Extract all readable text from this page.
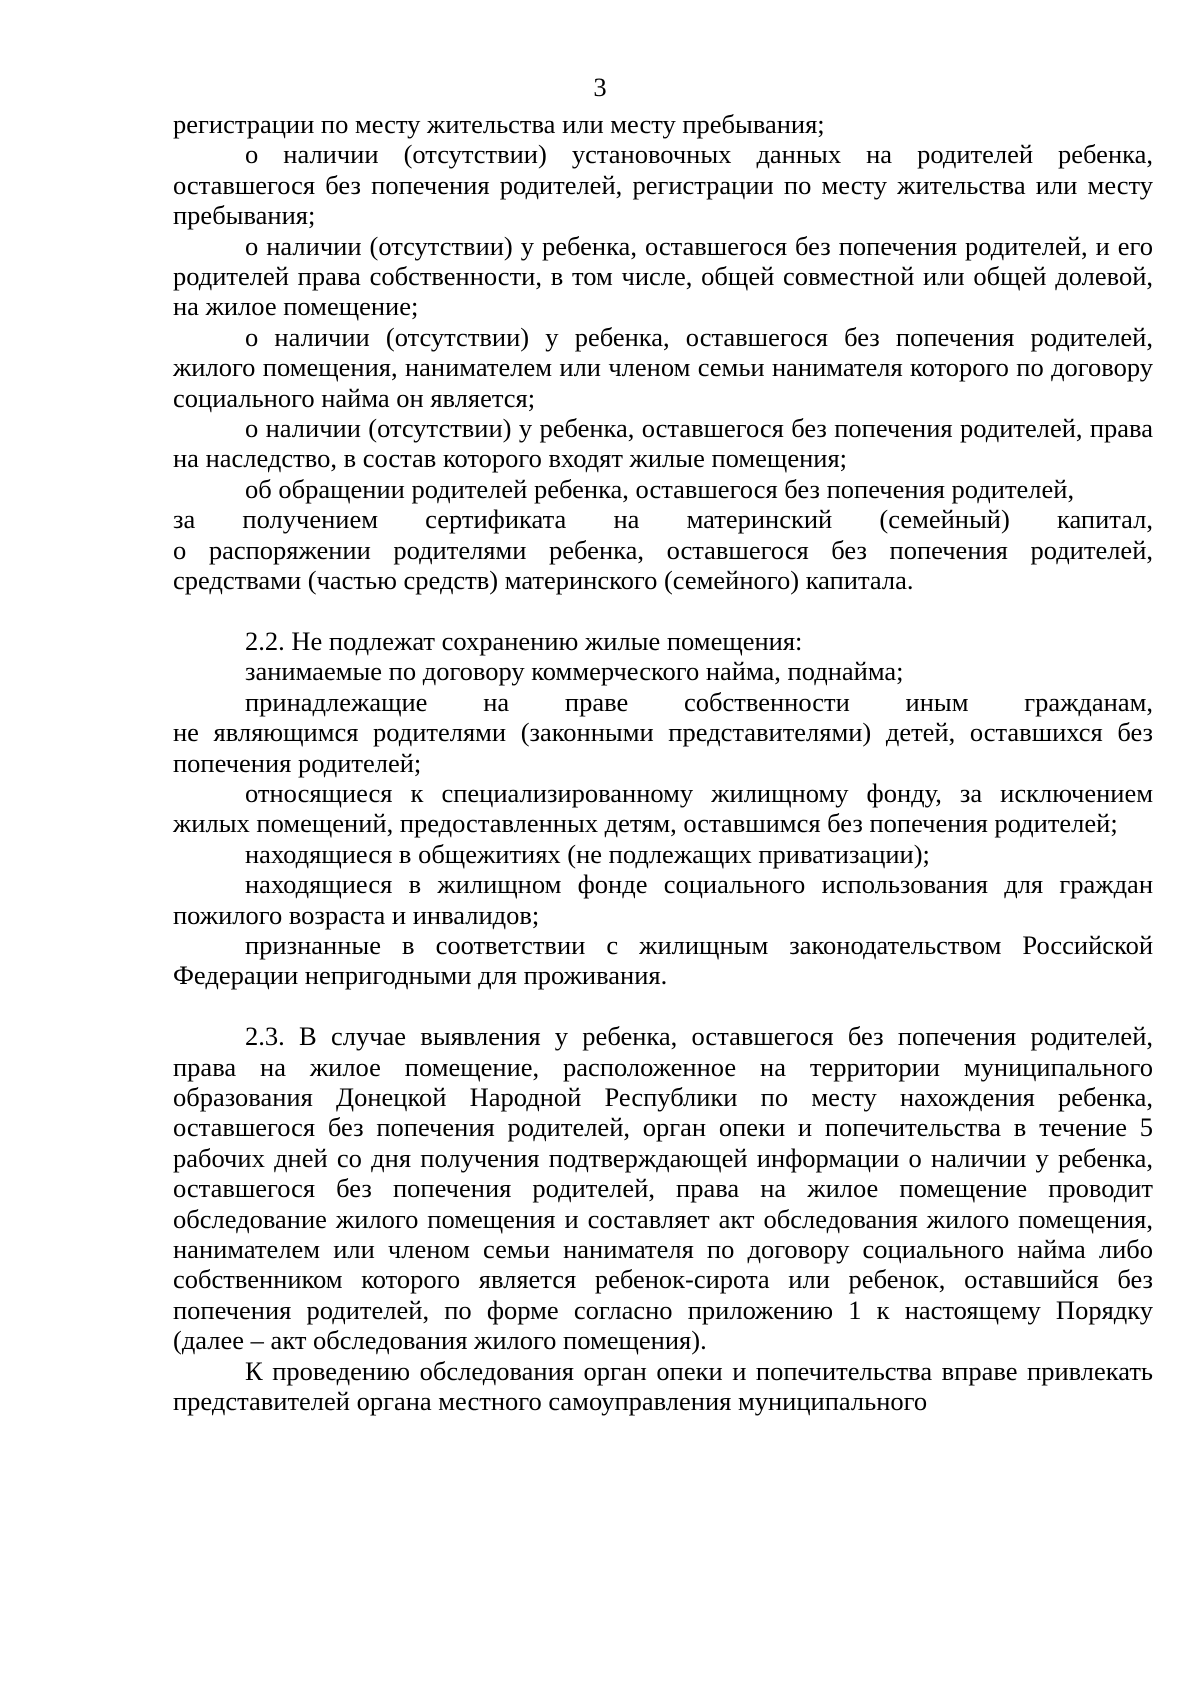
3

регистрации по месту жительства или месту пребывания;

о наличии (отсутствии) установочных данных на родителей ребенка, оставшегося без попечения родителей, регистрации по месту жительства или месту пребывания;

о наличии (отсутствии) у ребенка, оставшегося без попечения родителей, и его родителей права собственности, в том числе, общей совместной или общей долевой, на жилое помещение;

о наличии (отсутствии) у ребенка, оставшегося без попечения родителей, жилого помещения, нанимателем или членом семьи нанимателя которого по договору социального найма он является;

о наличии (отсутствии) у ребенка, оставшегося без попечения родителей, права на наследство, в состав которого входят жилые помещения;

об обращении родителей ребенка, оставшегося без попечения родителей,

за получением сертификата на материнский (семейный) капитал,

о распоряжении родителями ребенка, оставшегося без попечения родителей, средствами (частью средств) материнского (семейного) капитала.

2.2. Не подлежат сохранению жилые помещения:

занимаемые по договору коммерческого найма, поднайма;

принадлежащие на праве собственности иным гражданам,

не являющимся родителями (законными представителями) детей, оставшихся без попечения родителей;

относящиеся к специализированному жилищному фонду, за исключением жилых помещений, предоставленных детям, оставшимся без попечения родителей;

находящиеся в общежитиях (не подлежащих приватизации);

находящиеся в жилищном фонде социального использования для граждан пожилого возраста и инвалидов;

признанные в соответствии с жилищным законодательством Российской Федерации непригодными для проживания.

2.3. В случае выявления у ребенка, оставшегося без попечения родителей, права на жилое помещение, расположенное на территории муниципального образования Донецкой Народной Республики по месту нахождения ребенка, оставшегося без попечения родителей, орган опеки и попечительства в течение 5 рабочих дней со дня получения подтверждающей информации о наличии у ребенка, оставшегося без попечения родителей, права на жилое помещение проводит обследование жилого помещения и составляет акт обследования жилого помещения, нанимателем или членом семьи нанимателя по договору социального найма либо собственником которого является ребенок-сирота или ребенок, оставшийся без попечения родителей, по форме согласно приложению 1 к настоящему Порядку (далее – акт обследования жилого помещения).

К проведению обследования орган опеки и попечительства вправе привлекать представителей органа местного самоуправления муниципального
